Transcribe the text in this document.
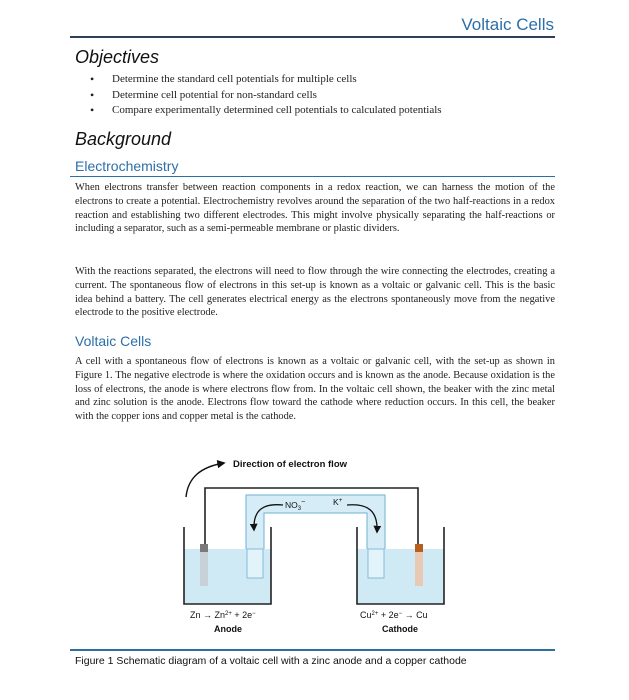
Voltaic Cells
Objectives
• Determine the standard cell potentials for multiple cells
• Determine cell potential for non-standard cells
• Compare experimentally determined cell potentials to calculated potentials
Background
Electrochemistry

When electrons transfer between reaction components in a redox reaction, we can harness the motion of the electrons to create a potential. Electrochemistry revolves around the separation of the two half-reactions in a redox reaction and establishing two different electrodes. This might involve physically separating the half-reactions or including a separator, such as a semi-permeable membrane or plastic dividers.

With the reactions separated, the electrons will need to flow through the wire connecting the electrodes, creating a current. The spontaneous flow of electrons in this set-up is known as a voltaic or galvanic cell. This is the basic idea behind a battery. The cell generates electrical energy as the electrons spontaneously move from the negative electrode to the positive electrode.

Voltaic Cells

A cell with a spontaneous flow of electrons is known as a voltaic or galvanic cell, with the set-up as shown in Figure 1. The negative electrode is where the oxidation occurs and is known as the anode. Because oxidation is the loss of electrons, the anode is where electrons flow from. In the voltaic cell shown, the beaker with the zinc metal and zinc solution is the anode. Electrons flow toward the cathode where reduction occurs. In this cell, the beaker with the copper ions and copper metal is the cathode.

Direction of electron flow
$NO_3^-$	K+
$Zn \to Zn^{2+} + 2e^-$
Anode
$Cu^{2+} + 2e^- \to Cu$
Cathode
Figure 1 Schematic diagram of a voltaic cell with a zinc anode and a copper cathode
